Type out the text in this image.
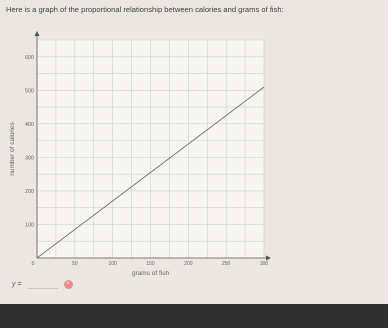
Here is a graph of the proportional relationship between calories and grams of fish:
100
200
300
400
500
600
0	50	100	150	200	250	300
grams of fish
number of calories
y =	×
